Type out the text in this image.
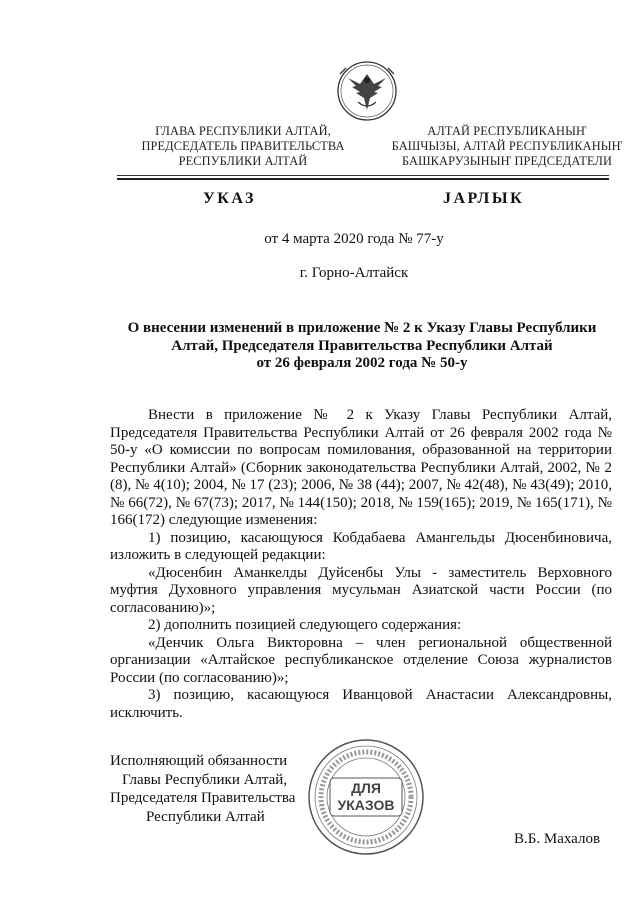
ГЛАВА РЕСПУБЛИКИ АЛТАЙ,
ПРЕДСЕДАТЕЛЬ ПРАВИТЕЛЬСТВА
РЕСПУБЛИКИ АЛТАЙ
АЛТАЙ РЕСПУБЛИКАНЫҤ
БАШЧЫЗЫ, АЛТАЙ РЕСПУБЛИКАНЫҤ
БАШКАРУЗЫНЫҤ ПРЕДСЕДАТЕЛИ
УКАЗ	JАРЛЫК
от 4 марта 2020 года № 77-у
г. Горно-Алтайск
О внесении изменений в приложение № 2 к Указу Главы Республики
Алтай, Председателя Правительства Республики Алтай
от 26 февраля 2002 года № 50-у

Внести в приложение № 2 к Указу Главы Республики Алтай, Председателя Правительства Республики Алтай от 26 февраля 2002 года № 50-у «О комиссии по вопросам помилования, образованной на территории Республики Алтай» (Сборник законодательства Республики Алтай, 2002, № 2 (8), № 4(10); 2004, № 17 (23); 2006, № 38 (44); 2007, № 42(48), № 43(49); 2010, № 66(72), № 67(73); 2017, № 144(150); 2018, № 159(165); 2019, № 165(171), № 166(172) следующие изменения:

1) позицию, касающуюся Кобдабаева Амангельды Дюсенбиновича, изложить в следующей редакции:

«Дюсенбин Аманкелды Дуйсенбы Улы - заместитель Верховного муфтия Духовного управления мусульман Азиатской части России (по согласованию)»;

2) дополнить позицией следующего содержания:

«Денчик Ольга Викторовна – член региональной общественной организации «Алтайское республиканское отделение Союза журналистов России (по согласованию)»;

3) позицию, касающуюся Иванцовой Анастасии Александровны, исключить.

Исполняющий обязанности
Главы Республики Алтай,
Председателя Правительства
Республики Алтай
ДЛЯ
УКАЗОВ
В.Б. Махалов
